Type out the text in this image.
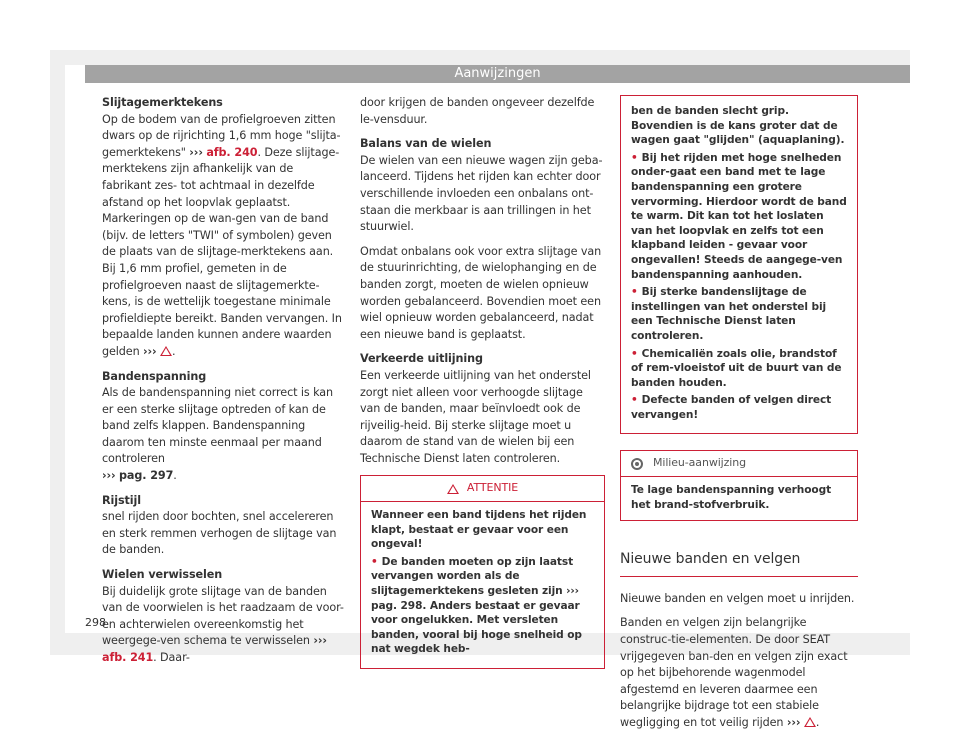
Aanwijzingen

Slijtagemerktekens

Op de bodem van de profielgroeven zitten dwars op de rijrichting 1,6 mm hoge "slijta-gemerktekens" ››› afb. 240. Deze slijtage-merktekens zijn afhankelijk van de fabrikant zes- tot achtmaal in dezelfde afstand op het loopvlak geplaatst. Markeringen op de wan-gen van de band (bijv. de letters "TWI" of symbolen) geven de plaats van de slijtage-merktekens aan. Bij 1,6 mm profiel, gemeten in de profielgroeven naast de slijtagemerkte-kens, is de wettelijk toegestane minimale profieldiepte bereikt. Banden vervangen. In bepaalde landen kunnen andere waarden gelden ››› .

Bandenspanning

Als de bandenspanning niet correct is kan er een sterke slijtage optreden of kan de band zelfs klappen. Bandenspanning daarom ten minste eenmaal per maand controleren
››› pag. 297.

Rijstijl

snel rijden door bochten, snel accelereren en sterk remmen verhogen de slijtage van de banden.

Wielen verwisselen

Bij duidelijk grote slijtage van de banden van de voorwielen is het raadzaam de voor- en achterwielen overeenkomstig het weergege-ven schema te verwisselen ››› afb. 241. Daar-

door krijgen de banden ongeveer dezelfde le-vensduur.

Balans van de wielen

De wielen van een nieuwe wagen zijn geba-lanceerd. Tijdens het rijden kan echter door verschillende invloeden een onbalans ont-staan die merkbaar is aan trillingen in het stuurwiel.

Omdat onbalans ook voor extra slijtage van de stuurinrichting, de wielophanging en de banden zorgt, moeten de wielen opnieuw worden gebalanceerd. Bovendien moet een wiel opnieuw worden gebalanceerd, nadat een nieuwe band is geplaatst.

Verkeerde uitlijning

Een verkeerde uitlijning van het onderstel zorgt niet alleen voor verhoogde slijtage van de banden, maar beïnvloedt ook de rijveilig-heid. Bij sterke slijtage moet u daarom de stand van de wielen bij een Technische Dienst laten controleren.

ATTENTIE

Wanneer een band tijdens het rijden klapt, bestaat er gevaar voor een ongeval!

• De banden moeten op zijn laatst vervangen worden als de slijtagemerktekens gesleten zijn ››› pag. 298. Anders bestaat er gevaar voor ongelukken. Met versleten banden, vooral bij hoge snelheid op nat wegdek heb-

ben de banden slecht grip. Bovendien is de kans groter dat de wagen gaat "glijden" (aquaplaning).

• Bij het rijden met hoge snelheden onder-gaat een band met te lage bandenspanning een grotere vervorming. Hierdoor wordt de band te warm. Dit kan tot het loslaten van het loopvlak en zelfs tot een klapband leiden - gevaar voor ongevallen! Steeds de aangege-ven bandenspanning aanhouden.

• Bij sterke bandenslijtage de instellingen van het onderstel bij een Technische Dienst laten controleren.

• Chemicaliën zoals olie, brandstof of rem-vloeistof uit de buurt van de banden houden.

• Defecte banden of velgen direct vervangen!

Milieu-aanwijzing
Te lage bandenspanning verhoogt het brand-stofverbruik.
Nieuwe banden en velgen

Nieuwe banden en velgen moet u inrijden.

Banden en velgen zijn belangrijke construc-tie-elementen. De door SEAT vrijgegeven ban-den en velgen zijn exact op het bijbehorende wagenmodel afgestemd en leveren daarmee een belangrijke bijdrage tot een stabiele wegligging en tot veilig rijden ››› .

298
